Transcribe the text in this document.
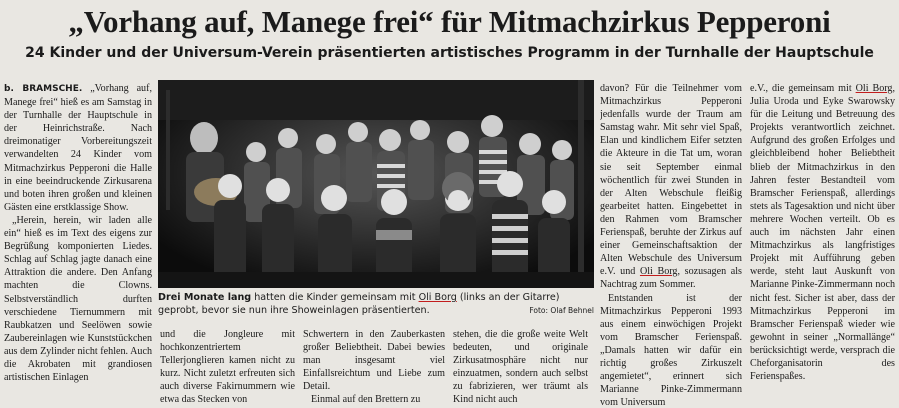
„Vorhang auf, Manege frei“ für Mitmachzirkus Pepperoni
24 Kinder und der Universum-Verein präsentierten artistisches Programm in der Turnhalle der Hauptschule

b. BRAMSCHE. „Vorhang auf, Manege frei“ hieß es am Samstag in der Turnhalle der Hauptschule in der Heinrichstraße. Nach dreimonatiger Vorbereitungszeit verwandelten 24 Kinder vom Mitmachzirkus Pepperoni die Halle in eine beeindruckende Zirkusarena und boten ihren großen und kleinen Gästen eine erstklassige Show.

„Herein, herein, wir laden alle ein“ hieß es im Text des eigens zur Begrüßung komponierten Liedes. Schlag auf Schlag jagte danach eine Attraktion die andere. Den Anfang machten die Clowns. Selbstverständlich durften verschiedene Tiernummern mit Raubkatzen und Seelöwen sowie Zaubereinlagen wie Kunststückchen aus dem Zylinder nicht fehlen. Auch die Akrobaten mit grandiosen artistischen Einlagen

Drei Monate lang hatten die Kinder gemeinsam mit Oli Borg (links an der Gitarre) geprobt, bevor sie nun ihre Showeinlagen präsentierten.	Foto: Olaf Behnel

und die Jongleure mit hochkonzentriertem Tellerjonglieren kamen nicht zu kurz. Nicht zuletzt erfreuten sich auch diverse Fakirnummern wie etwa das Stecken von

Schwertern in den Zauberkasten großer Beliebtheit. Dabei bewies man insgesamt viel Einfallsreichtum und Liebe zum Detail.

Einmal auf den Brettern zu

stehen, die die große weite Welt bedeuten, und originale Zirkusatmosphäre nicht nur einzuatmen, sondern auch selbst zu fabrizieren, wer träumt als Kind nicht auch

davon? Für die Teilnehmer vom Mitmachzirkus Pepperoni jedenfalls wurde der Traum am Samstag wahr. Mit sehr viel Spaß, Elan und kindlichem Eifer setzten die Akteure in die Tat um, woran sie seit September einmal wöchentlich für zwei Stunden in der Alten Webschule fleißig gearbeitet hatten. Eingebettet in den Rahmen vom Bramscher Ferienspaß, beruhte der Zirkus auf einer Gemeinschaftsaktion der Alten Webschule des Universum e.V. und Oli Borg, sozusagen als Nachtrag zum Sommer.

Entstanden ist der Mitmachzirkus Pepperoni 1993 aus einem einwöchigen Projekt vom Bramscher Ferienspaß. „Damals hatten wir dafür ein richtig großes Zirkuszelt angemietet“, erinnert sich Marianne Pinke-Zimmermann vom Universum

e.V., die gemeinsam mit Oli Borg, Julia Uroda und Eyke Swarowsky für die Leitung und Betreuung des Projekts verantwortlich zeichnet. Aufgrund des großen Erfolges und gleichbleibend hoher Beliebtheit blieb der Mitmachzirkus in den Jahren fester Bestandteil vom Bramscher Ferienspaß, allerdings stets als Tagesaktion und nicht über mehrere Wochen verteilt. Ob es auch im nächsten Jahr einen Mitmachzirkus als langfristiges Projekt mit Aufführung geben werde, steht laut Auskunft von Marianne Pinke-Zimmermann noch nicht fest. Sicher ist aber, dass der Mitmachzirkus Pepperoni im Bramscher Ferienspaß wieder wie gewohnt in seiner „Normallänge“ berücksichtigt werde, versprach die Cheforganisatorin des Ferienspaßes.
